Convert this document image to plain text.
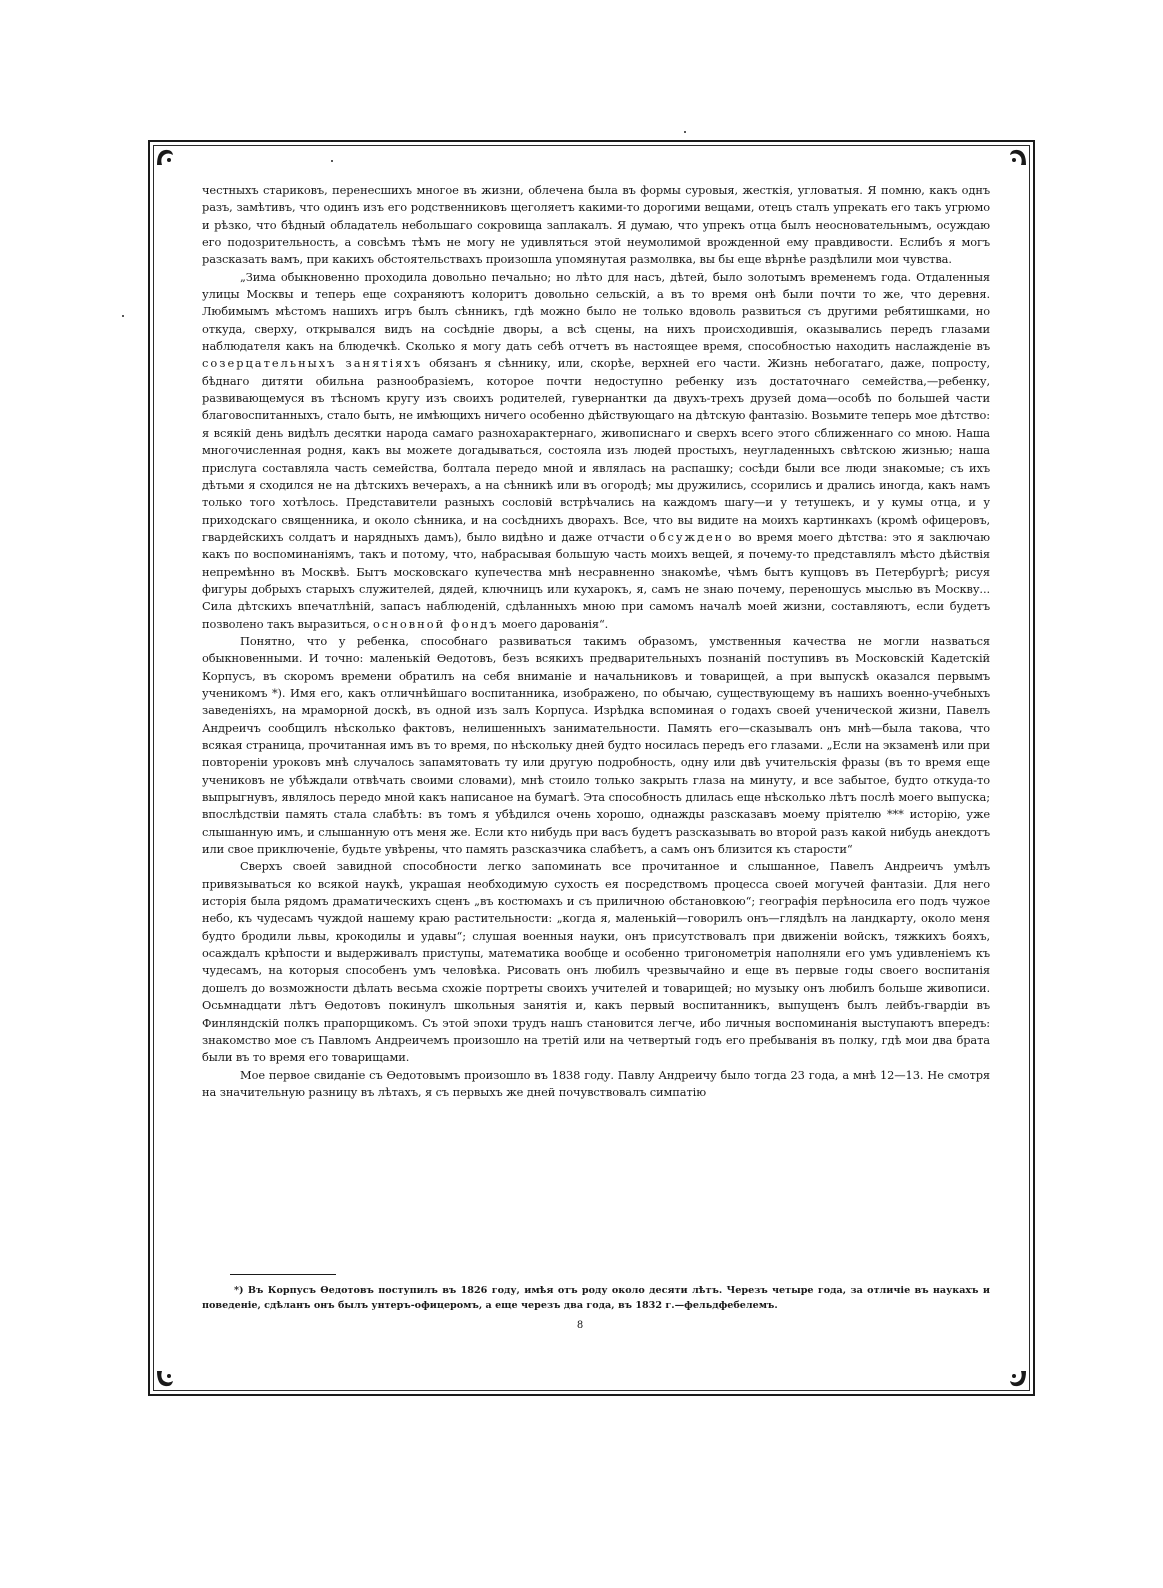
честныхъ стариковъ, перенесшихъ многое въ жизни, облечена была въ формы суровыя, жесткія, угловатыя. Я помню, какъ однъ разъ, замѣтивъ, что одинъ изъ его родственниковъ щеголяетъ какими-то дорогими вещами, отецъ сталъ упрекать его такъ угрюмо и рѣзко, что бѣдный обладатель небольшаго сокровища заплакалъ. Я думаю, что упрекъ отца былъ неосновательнымъ, осуждаю его подозрительность, а совсѣмъ тѣмъ не могу не удивляться этой неумолимой врожденной ему правдивости. Еслибъ я могъ разсказать вамъ, при какихъ обстоятельствахъ произошла упомянутая размолвка, вы бы еще вѣрнѣе раздѣлили мои чувства.

„Зима обыкновенно проходила довольно печально; но лѣто для насъ, дѣтей, было золотымъ временемъ года. Отдаленныя улицы Москвы и теперь еще сохраняютъ колоритъ довольно сельскій, а въ то время онѣ были почти то же, что деревня. Любимымъ мѣстомъ нашихъ игръ былъ сѣнникъ, гдѣ можно было не только вдоволь развиться съ другими ребятишками, но откуда, сверху, открывался видъ на сосѣдніе дворы, а всѣ сцены, на нихъ происходившія, оказывались передъ глазами наблюдателя какъ на блюдечкѣ. Сколько я могу дать себѣ отчетъ въ настоящее время, способностью находить наслажденіе въ созерцательныхъ занятіяхъ обязанъ я сѣннику, или, скорѣе, верхней его части. Жизнь небогатаго, даже, попросту, бѣднаго дитяти обильна разнообразіемъ, которое почти недоступно ребенку изъ достаточнаго семейства,—ребенку, развивающемуся въ тѣсномъ кругу изъ своихъ родителей, гувернантки да двухъ-трехъ друзей дома—особѣ по большей части благовоспитанныхъ, стало быть, не имѣющихъ ничего особенно дѣйствующаго на дѣтскую фантазію. Возьмите теперь мое дѣтство: я всякій день видѣлъ десятки народа самаго разнохарактернаго, живописнаго и сверхъ всего этого сближеннаго со мною. Наша многочисленная родня, какъ вы можете догадываться, состояла изъ людей простыхъ, неугладенныхъ свѣтскою жизнью; наша прислуга составляла часть семейства, болтала передо мной и являлась на распашку; сосѣди были все люди знакомые; съ ихъ дѣтьми я сходился не на дѣтскихъ вечерахъ, а на сѣнникѣ или въ огородѣ; мы дружились, ссорились и дрались иногда, какъ намъ только того хотѣлось. Представители разныхъ сословій встрѣчались на каждомъ шагу—и у тетушекъ, и у кумы отца, и у приходскаго священника, и около сѣнника, и на сосѣднихъ дворахъ. Все, что вы видите на моихъ картинкахъ (кромѣ офицеровъ, гвардейскихъ солдатъ и нарядныхъ дамъ), было видѣно и даже отчасти обсуждено во время моего дѣтства: это я заключаю какъ по воспоминаніямъ, такъ и потому, что, набрасывая большую часть моихъ вещей, я почему-то представлялъ мѣсто дѣйствія непремѣнно въ Москвѣ. Бытъ московскаго купечества мнѣ несравненно знакомѣе, чѣмъ бытъ купцовъ въ Петербургѣ; рисуя фигуры добрыхъ старыхъ служителей, дядей, ключницъ или кухарокъ, я, самъ не знаю почему, переношусь мыслью въ Москву... Сила дѣтскихъ впечатлѣній, запасъ наблюденій, сдѣланныхъ мною при самомъ началѣ моей жизни, составляютъ, если будетъ позволено такъ выразиться, основной фондъ моего дарованія“.

Понятно, что у ребенка, способнаго развиваться такимъ образомъ, умственныя качества не могли назваться обыкновенными. И точно: маленькій Ѳедотовъ, безъ всякихъ предварительныхъ познаній поступивъ въ Московскій Кадетскій Корпусъ, въ скоромъ времени обратилъ на себя вниманіе и начальниковъ и товарищей, а при выпускѣ оказался первымъ ученикомъ *). Имя его, какъ отличнѣйшаго воспитанника, изображено, по обычаю, существующему въ нашихъ военно-учебныхъ заведеніяхъ, на мраморной доскѣ, въ одной изъ залъ Корпуса. Изрѣдка вспоминая о годахъ своей ученической жизни, Павелъ Андреичъ сообщилъ нѣсколько фактовъ, нелишенныхъ занимательности. Память его—сказывалъ онъ мнѣ—была такова, что всякая страница, прочитанная имъ въ то время, по нѣскольку дней будто носилась передъ его глазами. „Если на экзаменѣ или при повтореніи уроковъ мнѣ случалось запамятовать ту или другую подробность, одну или двѣ учительскія фразы (въ то время еще учениковъ не убѣждали отвѣчать своими словами), мнѣ стоило только закрыть глаза на минуту, и все забытое, будто откуда-то выпрыгнувъ, являлось передо мной какъ написаное на бумагѣ. Эта способность длилась еще нѣсколько лѣтъ послѣ моего выпуска; впослѣдствіи память стала слабѣть: въ томъ я убѣдился очень хорошо, однажды разсказавъ моему пріятелю *** исторію, уже слышанную имъ, и слышанную отъ меня же. Если кто нибудь при васъ будетъ разсказывать во второй разъ какой нибудь анекдотъ или свое приключеніе, будьте увѣрены, что память разсказчика слабѣетъ, а самъ онъ близится къ старости“

Сверхъ своей завидной способности легко запоминать все прочитанное и слышанное, Павелъ Андреичъ умѣлъ привязываться ко всякой наукѣ, украшая необходимую сухость ея посредствомъ процесса своей могучей фантазіи. Для него исторія была рядомъ драматическихъ сценъ „въ костюмахъ и съ приличною обстановкою“; географія перѣносила его подъ чужое небо, къ чудесамъ чуждой нашему краю растительности: „когда я, маленькій—говорилъ онъ—глядѣлъ на ландкарту, около меня будто бродили львы, крокодилы и удавы“; слушая военныя науки, онъ присутствовалъ при движеніи войскъ, тяжкихъ бояхъ, осаждалъ крѣпости и выдерживалъ приступы, математика вообще и особенно тригонометрія наполняли его умъ удивленіемъ къ чудесамъ, на которыя способенъ умъ человѣка. Рисовать онъ любилъ чрезвычайно и еще въ первые годы своего воспитанія дошелъ до возможности дѣлать весьма схожіе портреты своихъ учителей и товарищей; но музыку онъ любилъ больше живописи. Осьмнадцати лѣтъ Ѳедотовъ покинулъ школьныя занятія и, какъ первый воспитанникъ, выпущенъ былъ лейбъ-гвардіи въ Финляндскій полкъ прапорщикомъ. Съ этой эпохи трудъ нашъ становится легче, ибо личныя воспоминанія выступаютъ впередъ: знакомство мое съ Павломъ Андреичемъ произошло на третій или на четвертый годъ его пребыванія въ полку, гдѣ мои два брата были въ то время его товарищами.

Мое первое свиданіе съ Ѳедотовымъ произошло въ 1838 году. Павлу Андреичу было тогда 23 года, а мнѣ 12—13. Не смотря на значительную разницу въ лѣтахъ, я съ первыхъ же дней почувствовалъ симпатію

*) Въ Корпусъ Ѳедотовъ поступилъ въ 1826 году, имѣя отъ роду около десяти лѣтъ. Черезъ четыре года, за отличіе въ наукахъ и поведеніе, сдѣланъ онъ былъ унтеръ-офицеромъ, а еще черезъ два года, въ 1832 г.—фельдфебелемъ.
8
